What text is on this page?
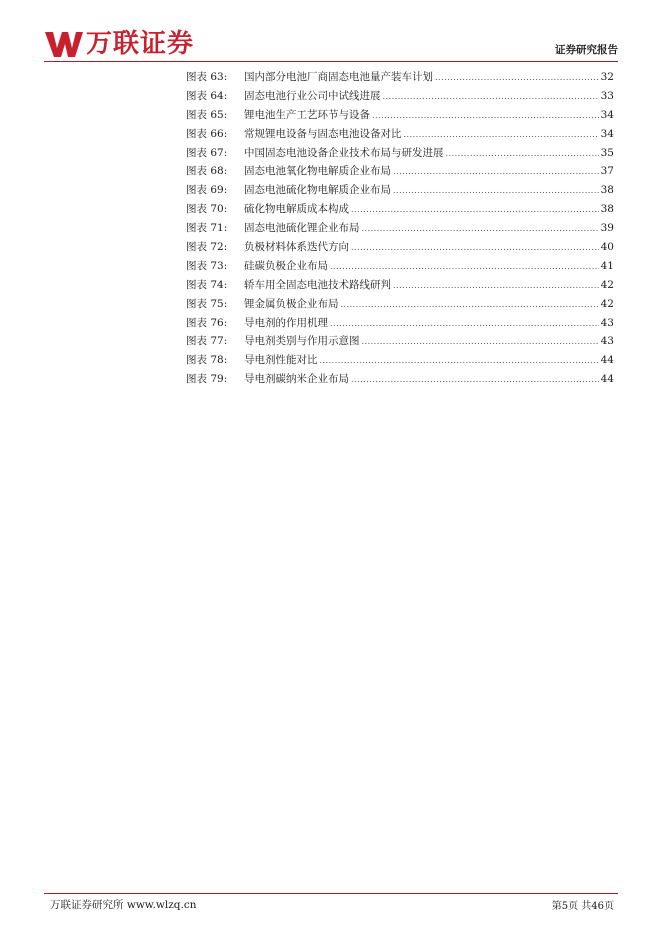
万联证券	证券研究报告
图表 63:	国内部分电池厂商固态电池量产装车计划 .....	32
图表 64:	固态电池行业公司中试线进展 .....	33
图表 65:	锂电池生产工艺环节与设备 .....	34
图表 66:	常规锂电设备与固态电池设备对比 .....	34
图表 67:	中国固态电池设备企业技术布局与研发进展 .....	35
图表 68:	固态电池氧化物电解质企业布局 .....	37
图表 69:	固态电池硫化物电解质企业布局 .....	38
图表 70:	硫化物电解质成本构成 .....	38
图表 71:	固态电池硫化锂企业布局 .....	39
图表 72:	负极材料体系迭代方向 .....	40
图表 73:	硅碳负极企业布局 .....	41
图表 74:	轿车用全固态电池技术路线研判 .....	42
图表 75:	锂金属负极企业布局 .....	42
图表 76:	导电剂的作用机理 .....	43
图表 77:	导电剂类别与作用示意图 .....	43
图表 78:	导电剂性能对比 .....	44
图表 79:	导电剂碳纳米企业布局 .....	44
万联证券研究所 www.wlzq.cn	第5页 共46页
